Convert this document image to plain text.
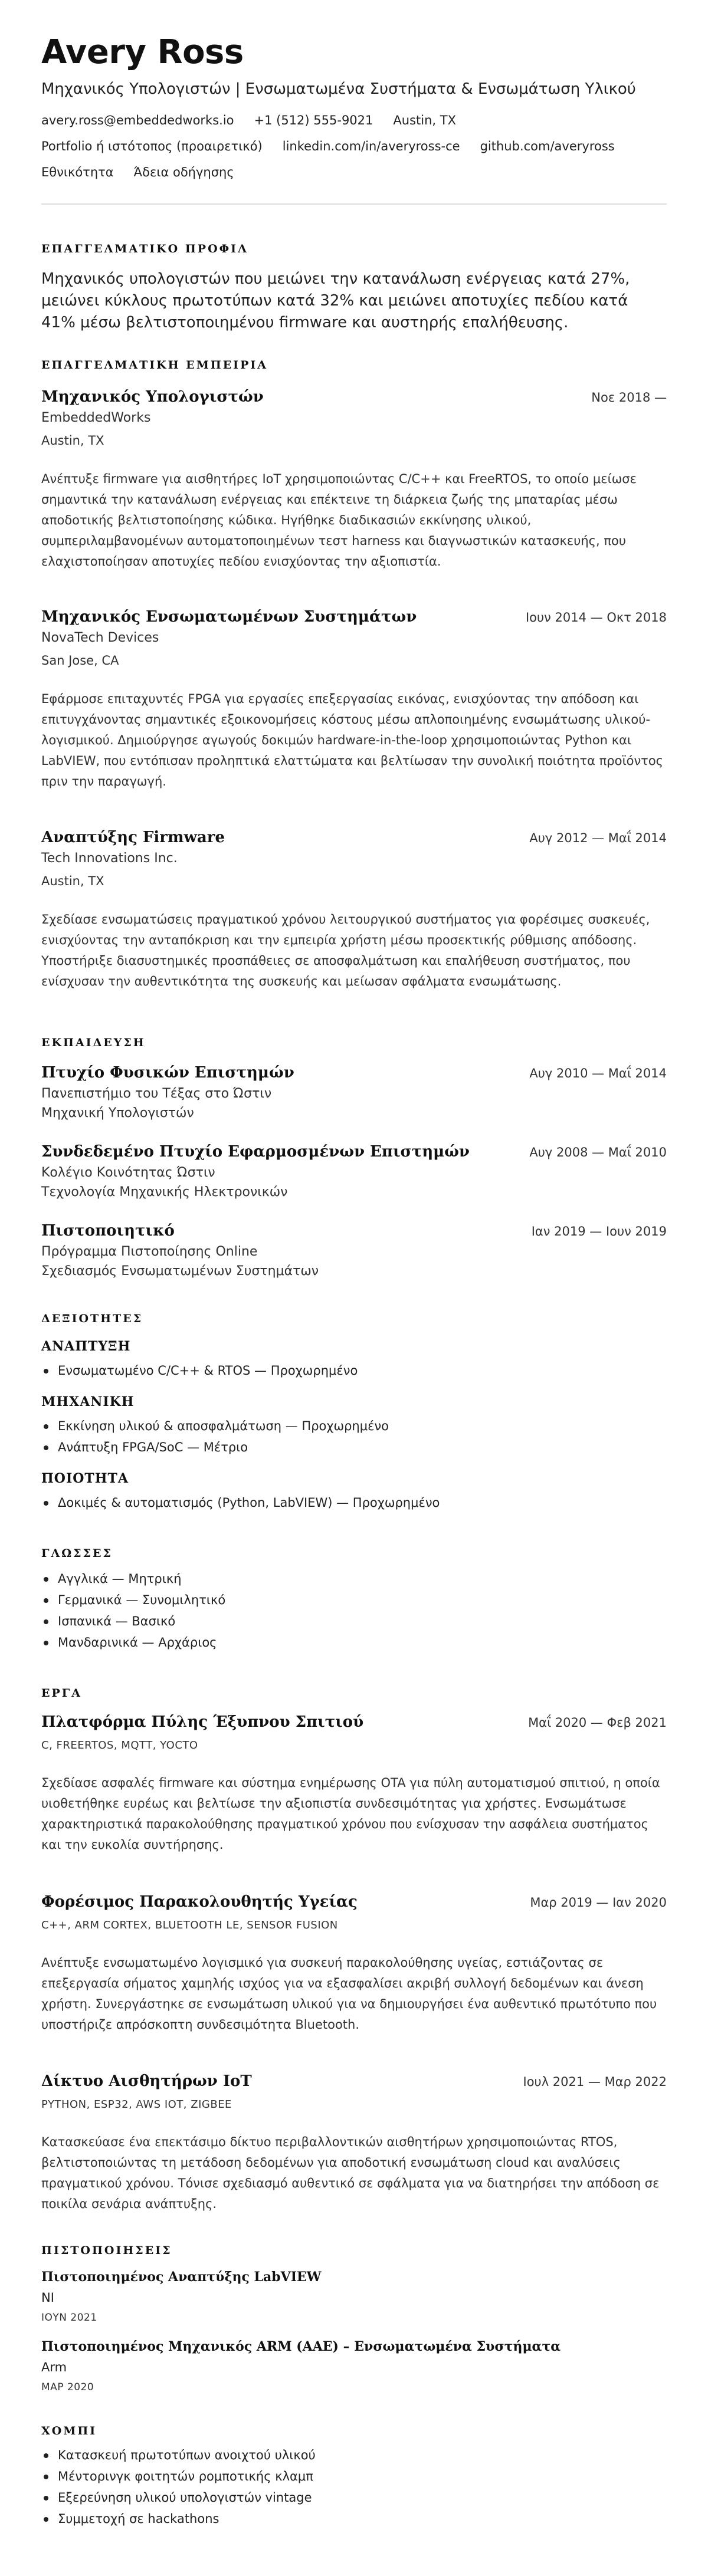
Avery Ross
Μηχανικός Υπολογιστών | Ενσωματωμένα Συστήματα & Ενσωμάτωση Υλικού
avery.ross@embeddedworks.io +1 (512) 555-9021 Austin, TX
Portfolio ή ιστότοπος (προαιρετικό) linkedin.com/in/averyross-ce github.com/averyross
Εθνικότητα Άδεια οδήγησης
ΕΠΑΓΓΕΛΜΑΤΙΚΟ ΠΡΟΦΙΛ
Μηχανικός υπολογιστών που μειώνει την κατανάλωση ενέργειας κατά 27%, μειώνει κύκλους πρωτοτύπων κατά 32% και μειώνει αποτυχίες πεδίου κατά 41% μέσω βελτιστοποιημένου firmware και αυστηρής επαλήθευσης.
ΕΠΑΓΓΕΛΜΑΤΙΚΗ ΕΜΠΕΙΡΙΑ
Μηχανικός Υπολογιστών	Νοε 2018 —
EmbeddedWorks
Austin, TX
Ανέπτυξε firmware για αισθητήρες IoT χρησιμοποιώντας C/C++ και FreeRTOS, το οποίο μείωσε σημαντικά την κατανάλωση ενέργειας και επέκτεινε τη διάρκεια ζωής της μπαταρίας μέσω αποδοτικής βελτιστοποίησης κώδικα. Ηγήθηκε διαδικασιών εκκίνησης υλικού, συμπεριλαμβανομένων αυτοματοποιημένων τεστ harness και διαγνωστικών κατασκευής, που ελαχιστοποίησαν αποτυχίες πεδίου ενισχύοντας την αξιοπιστία.
Μηχανικός Ενσωματωμένων Συστημάτων	Ιουν 2014 — Οκτ 2018
NovaTech Devices
San Jose, CA
Εφάρμοσε επιταχυντές FPGA για εργασίες επεξεργασίας εικόνας, ενισχύοντας την απόδοση και επιτυγχάνοντας σημαντικές εξοικονομήσεις κόστους μέσω απλοποιημένης ενσωμάτωσης υλικού-λογισμικού. Δημιούργησε αγωγούς δοκιμών hardware-in-the-loop χρησιμοποιώντας Python και LabVIEW, που εντόπισαν προληπτικά ελαττώματα και βελτίωσαν την συνολική ποιότητα προϊόντος πριν την παραγωγή.
Αναπτύξης Firmware	Αυγ 2012 — Μαΐ 2014
Tech Innovations Inc.
Austin, TX
Σχεδίασε ενσωματώσεις πραγματικού χρόνου λειτουργικού συστήματος για φορέσιμες συσκευές, ενισχύοντας την ανταπόκριση και την εμπειρία χρήστη μέσω προσεκτικής ρύθμισης απόδοσης. Υποστήριξε διασυστημικές προσπάθειες σε αποσφαλμάτωση και επαλήθευση συστήματος, που ενίσχυσαν την αυθεντικότητα της συσκευής και μείωσαν σφάλματα ενσωμάτωσης.
ΕΚΠΑΙΔΕΥΣΗ
Πτυχίο Φυσικών Επιστημών	Αυγ 2010 — Μαΐ 2014
Πανεπιστήμιο του Τέξας στο Ώστιν
Μηχανική Υπολογιστών
Συνδεδεμένο Πτυχίο Εφαρμοσμένων Επιστημών	Αυγ 2008 — Μαΐ 2010
Κολέγιο Κοινότητας Ώστιν
Τεχνολογία Μηχανικής Ηλεκτρονικών
Πιστοποιητικό	Ιαν 2019 — Ιουν 2019
Πρόγραμμα Πιστοποίησης Online
Σχεδιασμός Ενσωματωμένων Συστημάτων
ΔΕΞΙΟΤΗΤΕΣ
ΑΝΑΠΤΥΞΗ
Ενσωματωμένο C/C++ & RTOS — Προχωρημένο
ΜΗΧΑΝΙΚΗ
Εκκίνηση υλικού & αποσφαλμάτωση — Προχωρημένο
Ανάπτυξη FPGA/SoC — Μέτριο
ΠΟΙΟΤΗΤΑ
Δοκιμές & αυτοματισμός (Python, LabVIEW) — Προχωρημένο
ΓΛΩΣΣΕΣ
Αγγλικά — Μητρική
Γερμανικά — Συνομιλητικό
Ισπανικά — Βασικό
Μανδαρινικά — Αρχάριος
ΕΡΓΑ
Πλατφόρμα Πύλης Έξυπνου Σπιτιού	Μαΐ 2020 — Φεβ 2021
C, FREERTOS, MQTT, YOCTO
Σχεδίασε ασφαλές firmware και σύστημα ενημέρωσης OTA για πύλη αυτοματισμού σπιτιού, η οποία υιοθετήθηκε ευρέως και βελτίωσε την αξιοπιστία συνδεσιμότητας για χρήστες. Ενσωμάτωσε χαρακτηριστικά παρακολούθησης πραγματικού χρόνου που ενίσχυσαν την ασφάλεια συστήματος και την ευκολία συντήρησης.
Φορέσιμος Παρακολουθητής Υγείας	Μαρ 2019 — Ιαν 2020
C++, ARM CORTEX, BLUETOOTH LE, SENSOR FUSION
Ανέπτυξε ενσωματωμένο λογισμικό για συσκευή παρακολούθησης υγείας, εστιάζοντας σε επεξεργασία σήματος χαμηλής ισχύος για να εξασφαλίσει ακριβή συλλογή δεδομένων και άνεση χρήστη. Συνεργάστηκε σε ενσωμάτωση υλικού για να δημιουργήσει ένα αυθεντικό πρωτότυπο που υποστήριζε απρόσκοπτη συνδεσιμότητα Bluetooth.
Δίκτυο Αισθητήρων IoT	Ιουλ 2021 — Μαρ 2022
PYTHON, ESP32, AWS IOT, ZIGBEE
Κατασκεύασε ένα επεκτάσιμο δίκτυο περιβαλλοντικών αισθητήρων χρησιμοποιώντας RTOS, βελτιστοποιώντας τη μετάδοση δεδομένων για αποδοτική ενσωμάτωση cloud και αναλύσεις πραγματικού χρόνου. Τόνισε σχεδιασμό αυθεντικό σε σφάλματα για να διατηρήσει την απόδοση σε ποικίλα σενάρια ανάπτυξης.
ΠΙΣΤΟΠΟΙΗΣΕΙΣ
Πιστοποιημένος Αναπτύξης LabVIEW
NI
ΙΟΥΝ 2021
Πιστοποιημένος Μηχανικός ARM (AAE) – Ενσωματωμένα Συστήματα
Arm
ΜΑΡ 2020
ΧΟΜΠΙ
Κατασκευή πρωτοτύπων ανοιχτού υλικού
Μέντορινγκ φοιτητών ρομποτικής κλαμπ
Εξερεύνηση υλικού υπολογιστών vintage
Συμμετοχή σε hackathons
